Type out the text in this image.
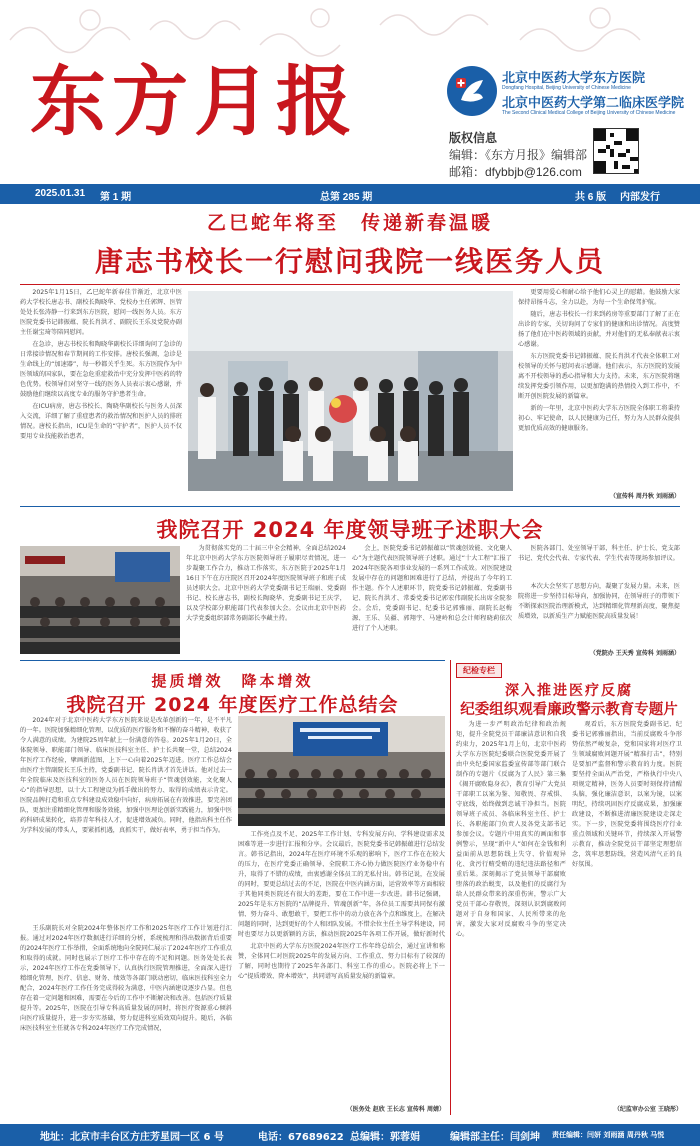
东方月报	北京中医药大学东方医院
Dongfang Hospital, Beijing University of Chinese Medicine
北京中医药大学第二临床医学院
The Second Clinical Medical College of Beijing University of Chinese Medicine
版权信息
编辑：《东方月报》编辑部
邮箱：dfybbjb@126.com
2025.01.31 第 1 期	总第 285 期	共 6 版 内部发行
乙巳蛇年将至　传递新春温暖
唐志书校长一行慰问我院一线医务人员

2025年1月15日，乙巳蛇年新春佳节渐近，北京中医药大学校长唐志书、副校长陶晓华、党校办主任郭辉、医管处处长张涛静一行来到东方医院，慰问一线医务人员。东方医院党委书记韩振蕴、院长肖洪才、副院长王乐及党院办副主任谢宝琦等陪同慰问。

在急诊，唐志书校长和陶晓华副校长详细询问了急诊的日常接诊情况和春节期间的工作安排。唐校长强调，急诊是生命线上的“加速器”，每一秒都关乎生死。东方医院作为中医领域的国家队，要在急危重症救治中充分发挥中医药的特色优势。校领导们对坚守一线的医务人员表示衷心感谢，并鼓励他们继续以高度专业的服务守护患者生命。

在ICU病房，唐志书校长、陶晓华副校长与医务人员深入交流，详细了解了重症患者的救治情况和医护人员的排班情况。唐校长指出，ICU是生命的“守护者”，医护人员不仅要用专业技能救治患者，

更要用爱心和耐心给予他们心灵上的慰藉。他鼓励大家保持昂扬斗志，全力以赴，为每一个生命保驾护航。

随后，唐志书校长一行来到药房等重要部门了解了正在出诊的专家，关切询问了专家们的健康和出诊情况。高度赞扬了他们在中医药领域的贡献，并对他们的无私奉献表示衷心感谢。

东方医院党委书记韩振蕴、院长肖洪才代表全体职工对校领导的关怀与慰问表示感谢。他们表示，东方医院的发展离不开校领导的悉心指导和大力支持。未来，东方医院将继续发挥党委引领作用，以更加饱满的热情投入到工作中，不断开创医院发展的新篇章。

新的一年里，北京中医药大学东方医院全体职工将秉持初心、牢记使命，以人民健康为己任，努力为人民群众提供更加优质高效的健康服务。

（宣传科 周丹秋 刘雨涵）
我院召开 2024 年度领导班子述职大会

为贯彻落实党的二十届三中全会精神，全面总结2024年北京中医药大学东方医院领导班子履职尽责情况，进一步凝聚工作合力，推动工作落实，东方医院于2025年1月16日下午在方庄院区召开2024年度医院领导班子和班子成员述职大会。北京中医药大学党委副书记王瑞丽、党委副书记、校长唐志书，副校长陶晓华、党委副书记王庆学，以及学校部分职能部门代表参加大会。会议由北京中医药大学党委组织部常务副部长李藏主持。

会上，医院党委书记韩振蕴以“管魂创效能、文化聚人心”为主题代表医院领导班子述职。通过“十大工程”汇报了2024年医院各项事业发展的一系列工作成效。对医院建设发展中存在的问题和困难进行了总结，并提出了今年的工作主题。作个人述职环节，院党委书记韩振蕴、党委副书记、院长肖洪才、常委党委书记郭宏伟副院长出席全院参会。会后，党委副书记、纪委书记郭雅丽、副院长赵梅源、王乐、吴疆、郭翔宇、马建岭和总会计师程晓莉依次进行了个人述职。

医院各部门、处室领导干部，科主任、护士长、党支部书记、党代会代表、专家代表、学生代表等现场参加评议。

本次大会坚实了思想方向，凝聚了发展力量。未来，医院将进一步坚持目标导向，加强协同，在领导班子的带领下不断探索医院治理新模式，达到精细化管理新高度，聚焦提质增效，以新质生产力赋能医院高质量发展！

（党院办 王天秀 宣传科 刘雨涵）
提质增效　降本增效
我院召开 2024 年度医疗工作总结会

2024年对于北京中医药大学东方医院来说是改革创新的一年，是不平凡的一年。医院加强精细化管理，以优质的医疗服务和不懈的奋斗精神，收获了令人满意的成绩。为建院25周年献上一份满意的答卷。2025年1月20日，全体院领导、职能部门领导、临床医技科室主任、护士长共聚一堂，总结2024年医疗工作经验，擘画新蓝图，上下一心向着2025年迈进。医疗工作总结会由医疗主管副院长王乐主持，党委副书记、院长肖洪才首先讲话。他对过去一年全院临床及医技科室的医务人员在医院领导班子“管魂创效能，文化聚人心”的指导思想，以十大工程建设为抓手做出的努力、取得的成绩表示肯定。医院品牌打造和重点专科建设成效稳中向好，病房拓展在有效推进，要完善团队，更加注重精细化管理和服务效能，加强中医理论创新实践能力，加强中医药科研成果转化，培养青年科技人才，促进增效减负。同时，他指出科主任作为学科发展的带头人，要紧抓机遇，真抓实干，做好表率，勇于担当作为。

王乐副院长对全院2024年整体医疗工作和2025年医疗工作计划进行汇报。通过对2024年医疗数据进行详细的分析，系统梳理和得出数据背后重要的2024年医疗工作举措，全面系统地向全院同仁展示了2024年医疗工作重点和取得的成就。同时也展示了医疗工作中存在的不足和问题。医务处处长表示，2024年医疗工作在党委领导下，认真执行医院管理推进，全面深入进行精细化管理，医疗、信息、财务、绩效等各部门联动密切，临床医技科室全力配合，2024年医疗工作任务完成得较为满意，中医内涵建设逐步凸显。但也存在着一定问题和困难，需要在今后的工作中不断解决和改善。包括医疗质量提升等。2025年，医院在引导专科高质量发展的同时，将医疗资源重心倾斜向医疗质量提升，进一步夯实基础，努力促进科室质效双向提升。随后，各临床医技科室主任就各专科2024年医疗工作完成情况，

工作亮点及不足、2025年工作计划、专科发展方向、学科建设需求及困难等进一步进行汇报和分享。会议最后，医院党委书记韩振蕴进行总结发言。韩书记指出，2024年在医疗环境不乐观的影响下，医疗工作在在较大的压力，在医疗党委正确领导、全院职工齐心协力做医院医疗业务稳中有升，取得了不错的成绩，由衷感谢全体员工的无私付出。韩书记说，在发展的同时，要更总结过去的不足，医院在中医内涵方面，运营效率等方面相较于其他同类医院还有很大的差距，要在工作中进一步改进。韩书记强调，2025年是东方医院的“品牌提升、管魂创新”年，各位员工需要共同保有激情、努力奋斗、敢想敢干，要把工作中的动力放在各个点和维度上，在解决问题的同时，达到更好的个人和团队发展。不惜余位主任主导学科建设，同时也要尽力以更新颖的方法，推动医院2025年各项工作开展，做好新时代

北京中医药大学东方医院2024年医疗工作年终总结会，通过宣讲和称赞，全体同仁对医院2025年的发展方向、工作重点、努力目标有了较深的了解，同时也期待了2025年各部门、科室工作的重心。医院必将上下一心“提质增效、降本增效”，共同谱写高质量发展的新篇章。

（医务处 赵欣 王长志 宣传科 周婧）
纪检专栏
深入推进医疗反腐
纪委组织观看廉政警示教育专题片

为进一步严明政治纪律和政治规矩，提升全院党员干部廉洁意识和自我约束力，2025年1月上旬，北京中医药大学东方医院纪委联合医院党委开展了由中央纪委国家监委宣传部等部门联合制作的专题片《反腐为了人民》第三集《揭开腐败隐身衣》，教育引导广大党员干部职工以案为鉴、知敬畏、存戒惧、守底线，始终做到忠诚干净担当。医院领导班子成员、各临床科室主任、护士长、各职能部门负责人及各党支部书记参加会议。专题片中用真实的画面和事例警示，呈现“新中人”如何在金钱和利益面前从思想防线上失守、价值观异化、贪污行贿受贿的违纪违法路径和严重后果。深刻揭示了党员领导干部腐败堕落的政治蜕变，以及他们的反腐行为给人民群众带来的深重伤害，警示广大党员干部心存敬畏，深刻认识到腐败问题对于自身和国家、人民所带来的危害，激发大家对反腐败斗争的坚定决心。

观看后，东方医院党委副书记、纪委书记郭雅丽指出，当前反腐败斗争形势依然严峻复杂，党和国家将对医疗卫生领域腐败问题开展“精准打击”，特别是要加严监督和警示教育的力度。医院要坚持全面从严治党，严格执行中央八项规定精神，医务人员要时刻保持清醒头脑，强化廉洁意识，以案为镜，以案明纪，持续巩固医疗反腐成果，加强廉政建设，不断推进清廉医院建设走深走实。下一步，医院党委将围绕医疗行业重点领域和关键环节，持续深入开展警示教育，推动全院党员干部坚定理想信念，筑牢思想防线，营造风清气正的良好氛围。

（纪监审办公室 王晓彤）
地址：北京市丰台区方庄芳星园一区 6 号	电话：67689622 总编辑：郭蓉娟	编辑部主任：闫剑坤 责任编辑：闫妍 刘雨涵 周丹秋 马悦
